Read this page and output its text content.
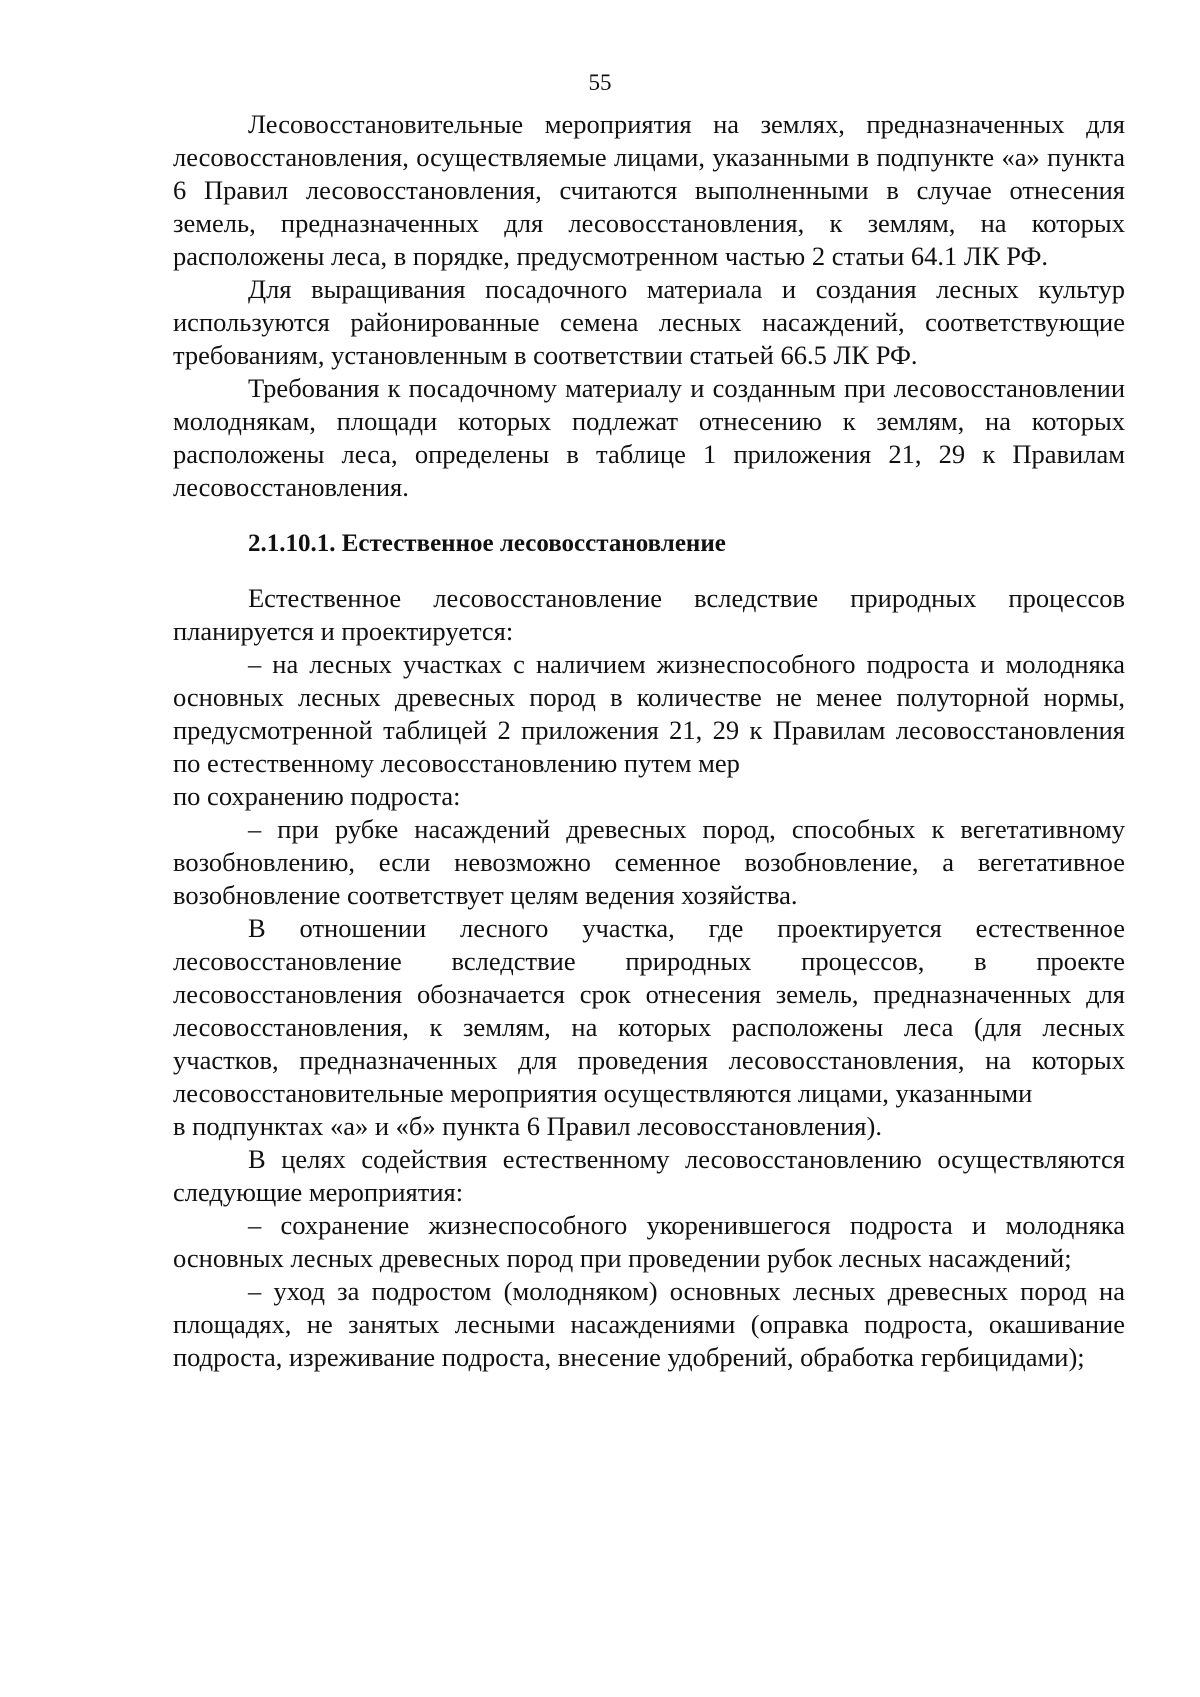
55

Лесовосстановительные мероприятия на землях, предназначенных для лесовосстановления, осуществляемые лицами, указанными в подпункте «а» пункта 6 Правил лесовосстановления, считаются выполненными в случае отнесения земель, предназначенных для лесовосстановления, к землям, на которых расположены леса, в порядке, предусмотренном частью 2 статьи 64.1 ЛК РФ.

Для выращивания посадочного материала и создания лесных культур используются районированные семена лесных насаждений, соответствующие требованиям, установленным в соответствии статьей 66.5 ЛК РФ.

Требования к посадочному материалу и созданным при лесовосстановлении молоднякам, площади которых подлежат отнесению к землям, на которых расположены леса, определены в таблице 1 приложения 21, 29 к Правилам лесовосстановления.

2.1.10.1. Естественное лесовосстановление

Естественное лесовосстановление вследствие природных процессов планируется и проектируется:

– на лесных участках с наличием жизнеспособного подроста и молодняка основных лесных древесных пород в количестве не менее полуторной нормы, предусмотренной таблицей 2 приложения 21, 29 к Правилам лесовосстановления по естественному лесовосстановлению путем мер

по сохранению подроста:

– при рубке насаждений древесных пород, способных к вегетативному возобновлению, если невозможно семенное возобновление, а вегетативное возобновление соответствует целям ведения хозяйства.

В отношении лесного участка, где проектируется естественное лесовосстановление вследствие природных процессов, в проекте лесовосстановления обозначается срок отнесения земель, предназначенных для лесовосстановления, к землям, на которых расположены леса (для лесных участков, предназначенных для проведения лесовосстановления, на которых лесовосстановительные мероприятия осуществляются лицами, указанными

в подпунктах «а» и «б» пункта 6 Правил лесовосстановления).

В целях содействия естественному лесовосстановлению осуществляются следующие мероприятия:

– сохранение жизнеспособного укоренившегося подроста и молодняка основных лесных древесных пород при проведении рубок лесных насаждений;

– уход за подростом (молодняком) основных лесных древесных пород на площадях, не занятых лесными насаждениями (оправка подроста, окашивание подроста, изреживание подроста, внесение удобрений, обработка гербицидами);
